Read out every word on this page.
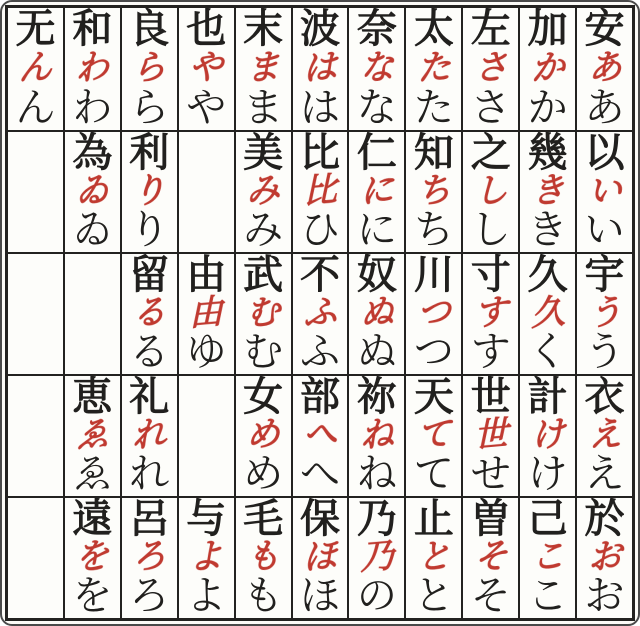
安
あ
あ
以
い
い
宇
う
う
衣
え
え
於
お
お
加
か
か
幾
き
き
久
久
く
計
け
け
己
こ
こ
左
さ
さ
之
し
し
寸
す
す
世
世
せ
曽
そ
そ
太
た
た
知
ち
ち
川
つ
つ
天
て
て
止
と
と
奈
な
な
仁
に
に
奴
ぬ
ぬ
祢
ね
ね
乃
乃
の
波
は
は
比
比
ひ
不
ふ
ふ
部
へ
へ
保
ほ
ほ
末
ま
ま
美
み
み
武
む
む
女
め
め
毛
も
も
也
や
や
由
由
ゆ
与
よ
よ
良
ら
ら
利
り
り
留
る
る
礼
れ
れ
呂
ろ
ろ
和
わ
わ
為
ゐ
ゐ
恵
ゑ
ゑ
遠
を
を
无
ん
ん
